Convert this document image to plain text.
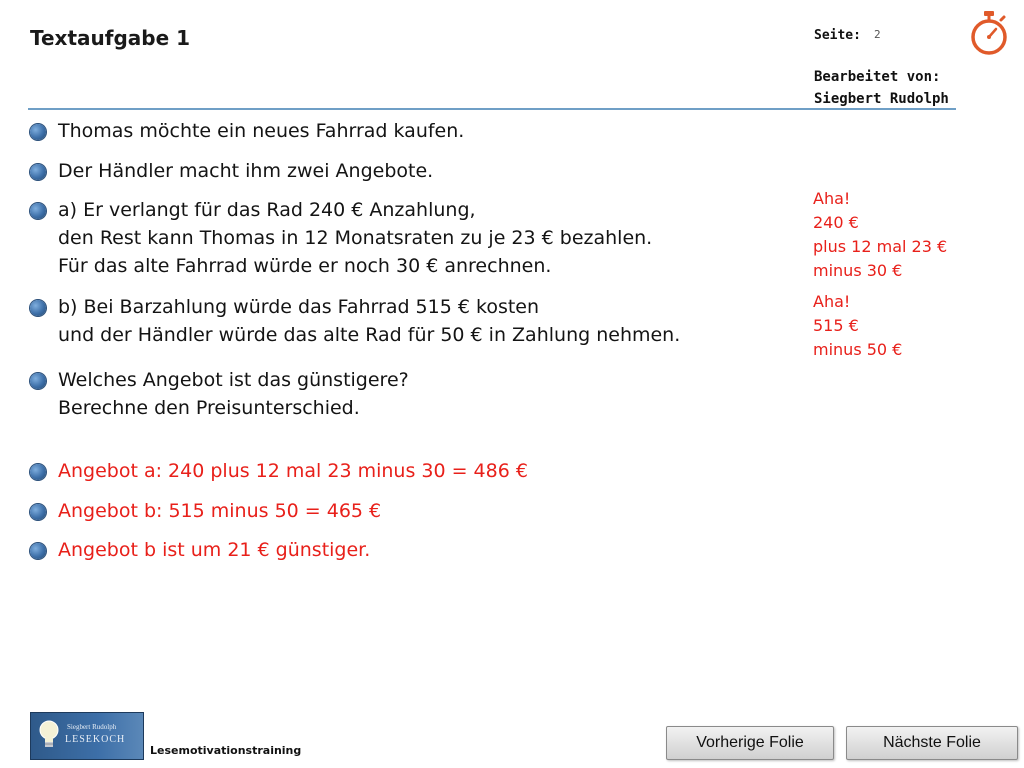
Textaufgabe 1	Seite: 2
Bearbeitet von:
Siegbert Rudolph
Thomas möchte ein neues Fahrrad kaufen.
Der Händler macht ihm zwei Angebote.
a) Er verlangt für das Rad 240 € Anzahlung,
den Rest kann Thomas in 12 Monatsraten zu je 23 € bezahlen.
Für das alte Fahrrad würde er noch 30 € anrechnen.
b) Bei Barzahlung würde das Fahrrad 515 € kosten
und der Händler würde das alte Rad für 50 € in Zahlung nehmen.
Welches Angebot ist das günstigere?
Berechne den Preisunterschied.
Angebot a: 240 plus 12 mal 23 minus 30 = 486 €
Angebot b: 515 minus 50 = 465 €
Angebot b ist um 21 € günstiger.
Aha!
240 €
plus 12 mal 23 €
minus 30 €
Aha!
515 €
minus 50 €
Siegbert Rudolph
LESEKOCH
Lesemotivationstraining	Vorherige Folie	Nächste Folie
